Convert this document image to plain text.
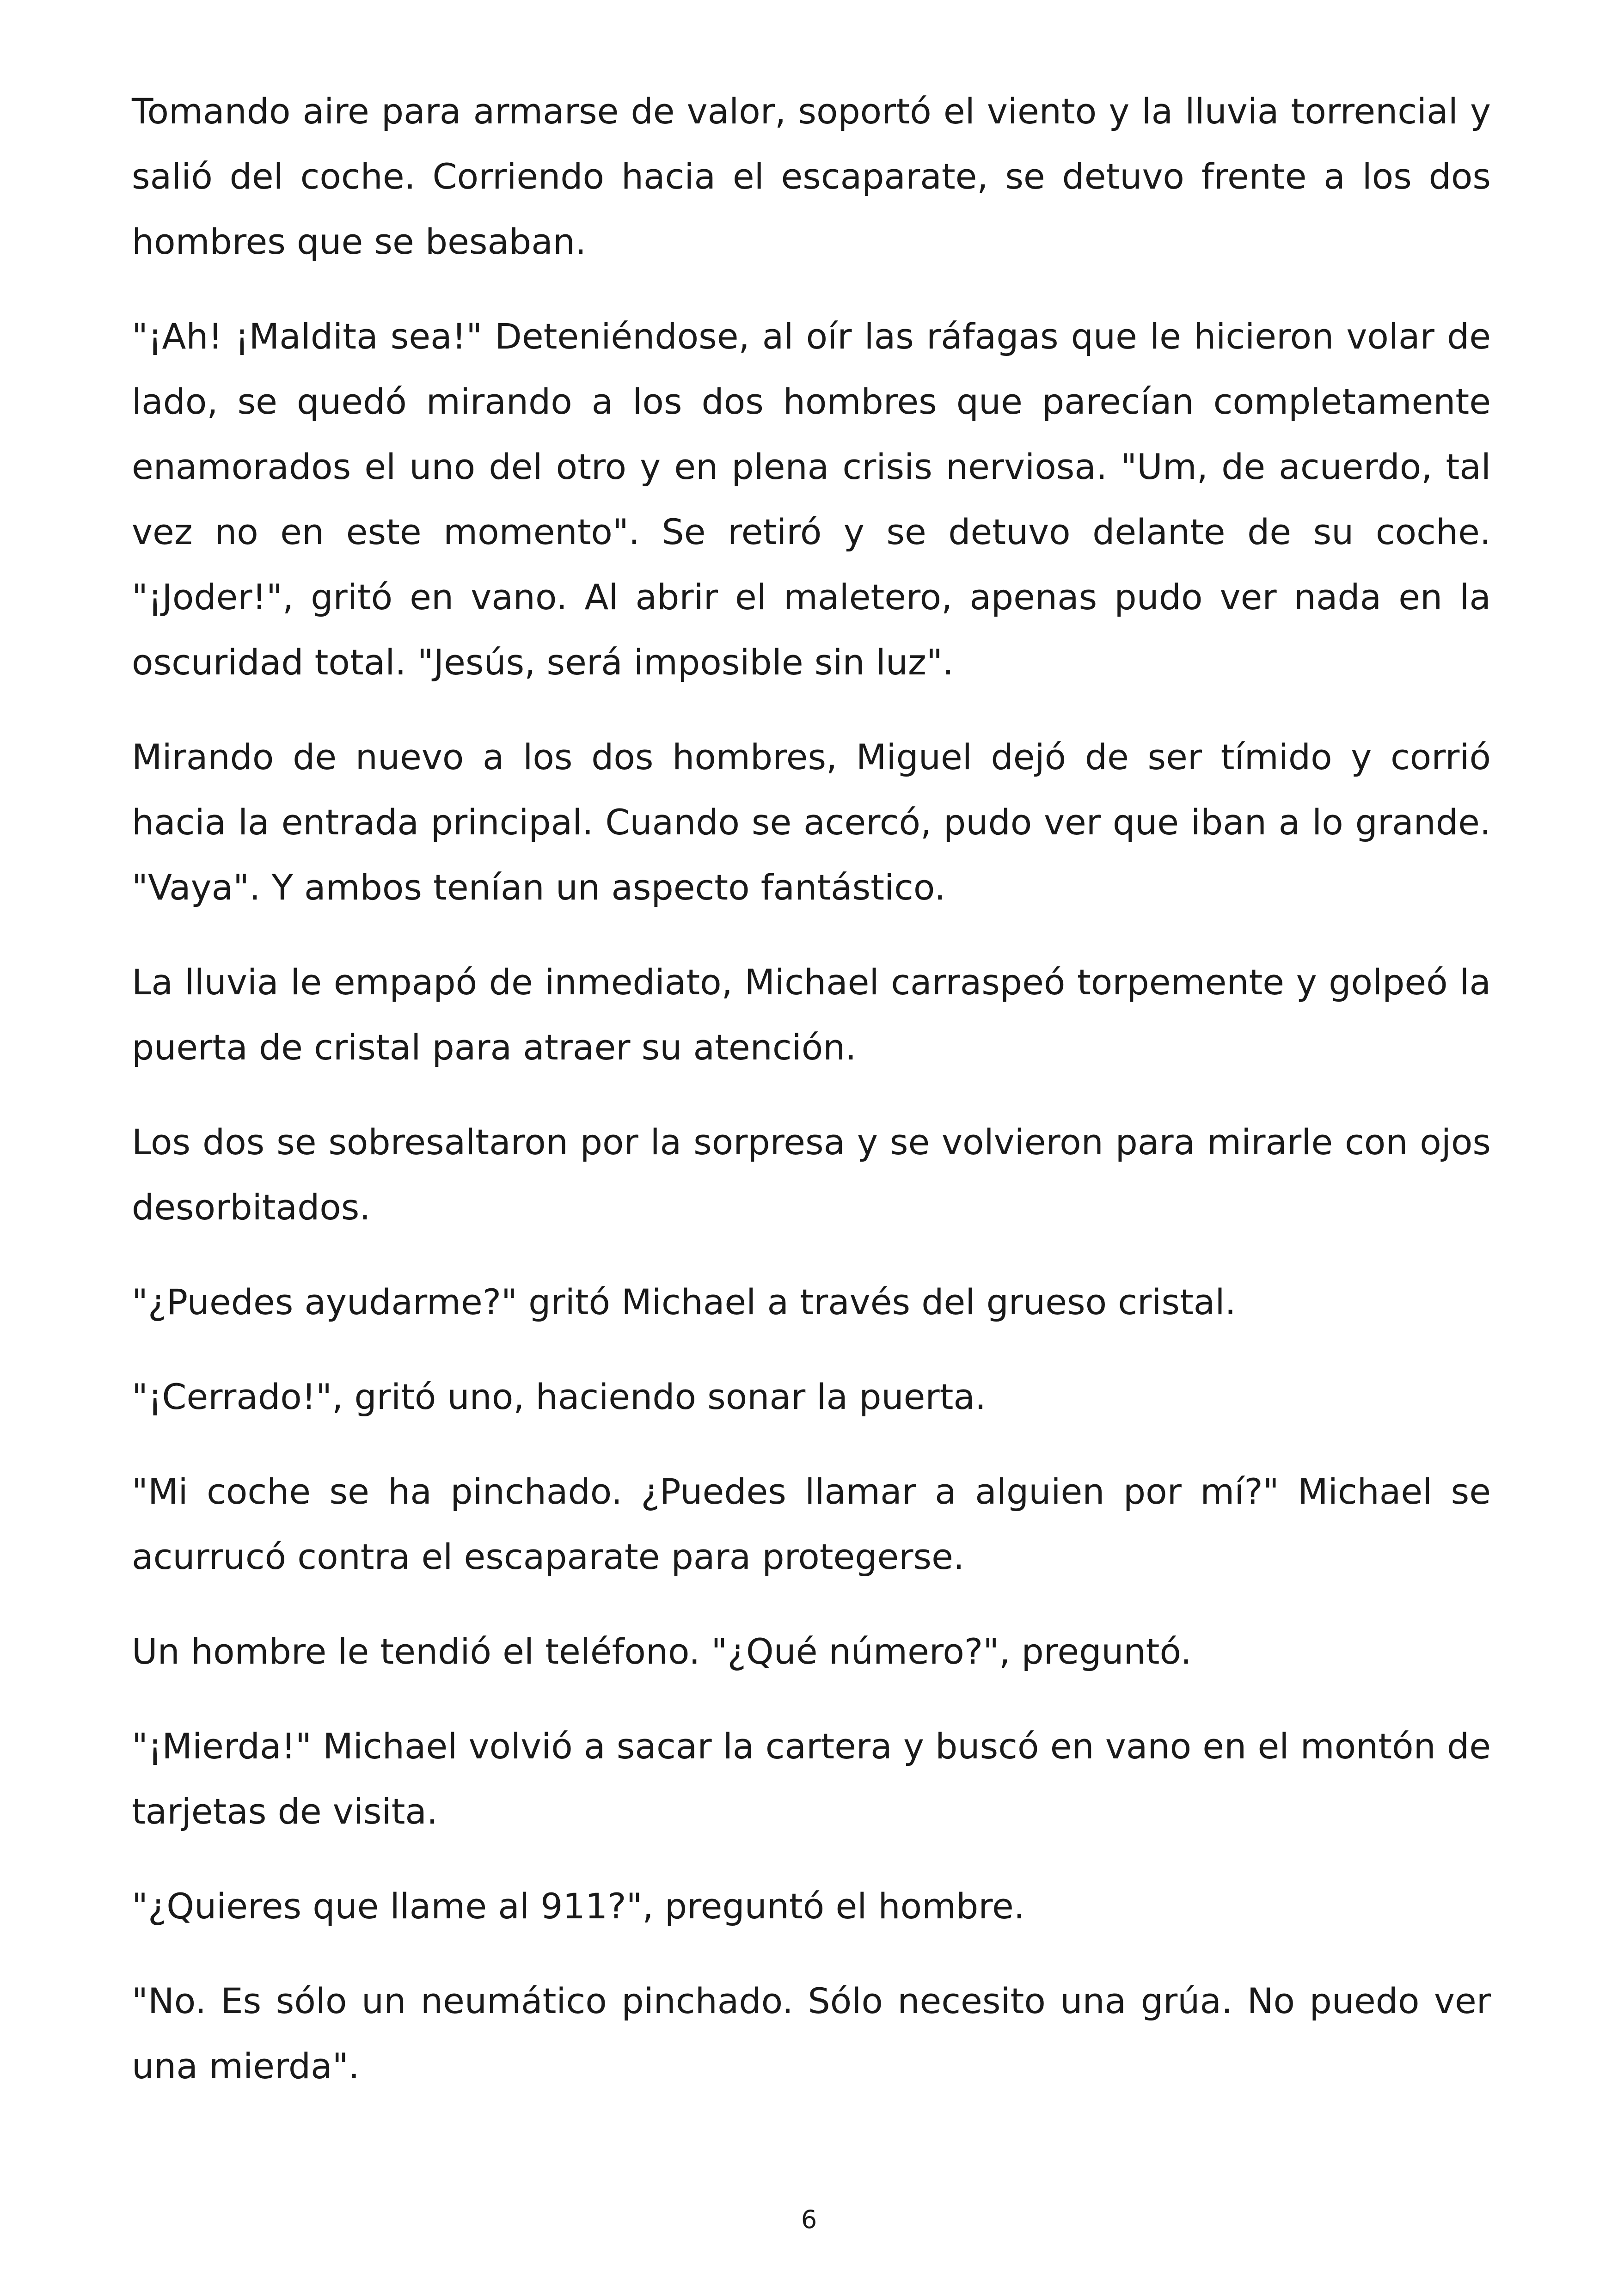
Tomando aire para armarse de valor, soportó el viento y la lluvia torrencial y salió del coche. Corriendo hacia el escaparate, se detuvo frente a los dos hombres que se besaban.

"¡Ah! ¡Maldita sea!" Deteniéndose, al oír las ráfagas que le hicieron volar de lado, se quedó mirando a los dos hombres que parecían completamente enamorados el uno del otro y en plena crisis nerviosa. "Um, de acuerdo, tal vez no en este momento". Se retiró y se detuvo delante de su coche. "¡Joder!", gritó en vano. Al abrir el maletero, apenas pudo ver nada en la oscuridad total. "Jesús, será imposible sin luz".

Mirando de nuevo a los dos hombres, Miguel dejó de ser tímido y corrió hacia la entrada principal. Cuando se acercó, pudo ver que iban a lo grande. "Vaya". Y ambos tenían un aspecto fantástico.

La lluvia le empapó de inmediato, Michael carraspeó torpemente y golpeó la puerta de cristal para atraer su atención.

Los dos se sobresaltaron por la sorpresa y se volvieron para mirarle con ojos desorbitados.

"¿Puedes ayudarme?" gritó Michael a través del grueso cristal.

"¡Cerrado!", gritó uno, haciendo sonar la puerta.

"Mi coche se ha pinchado. ¿Puedes llamar a alguien por mí?" Michael se acurrucó contra el escaparate para protegerse.

Un hombre le tendió el teléfono. "¿Qué número?", preguntó.

"¡Mierda!" Michael volvió a sacar la cartera y buscó en vano en el montón de tarjetas de visita.

"¿Quieres que llame al 911?", preguntó el hombre.

"No. Es sólo un neumático pinchado. Sólo necesito una grúa. No puedo ver una mierda".

6
